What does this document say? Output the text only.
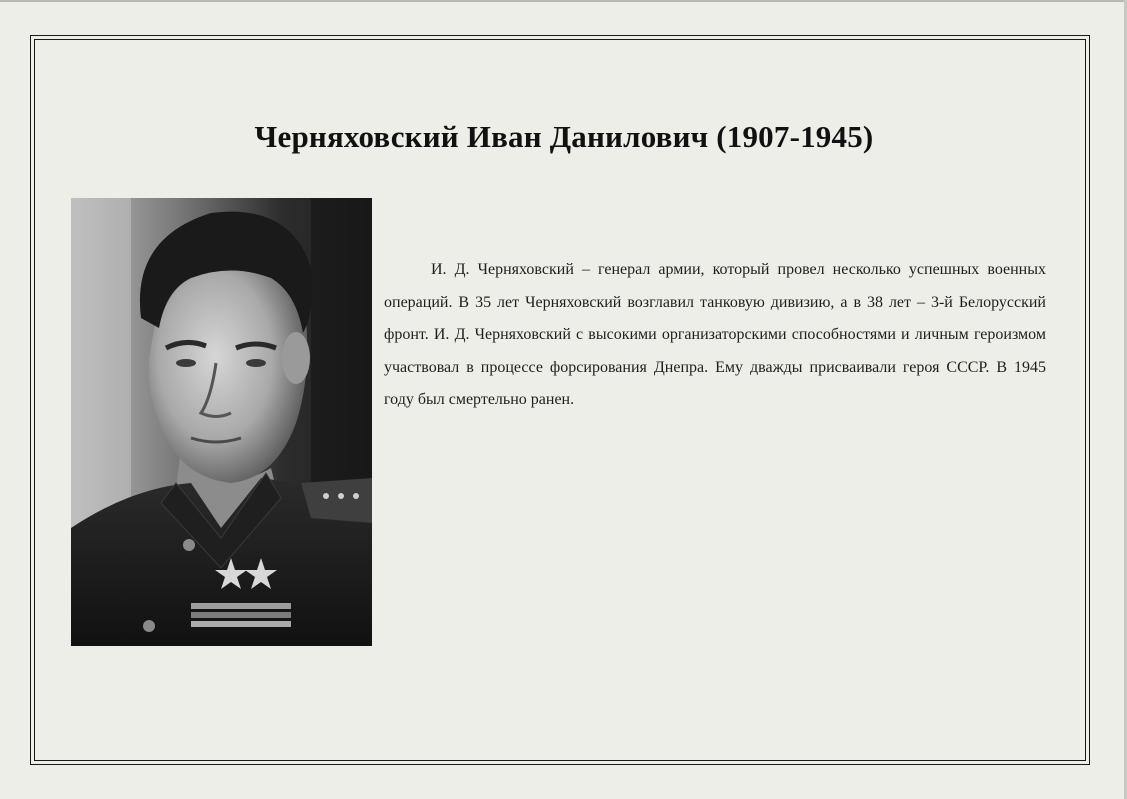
Черняховский Иван Данилович (1907-1945)

И. Д. Черняховский – генерал армии, который провел несколько успешных военных операций. В 35 лет Черняховский возглавил танковую дивизию, а в 38 лет – 3-й Белорусский фронт. И. Д. Черняховский с высокими организаторскими способностями и личным героизмом участвовал в процессе форсирования Днепра. Ему дважды присваивали героя СССР. В 1945 году был смертельно ранен.
